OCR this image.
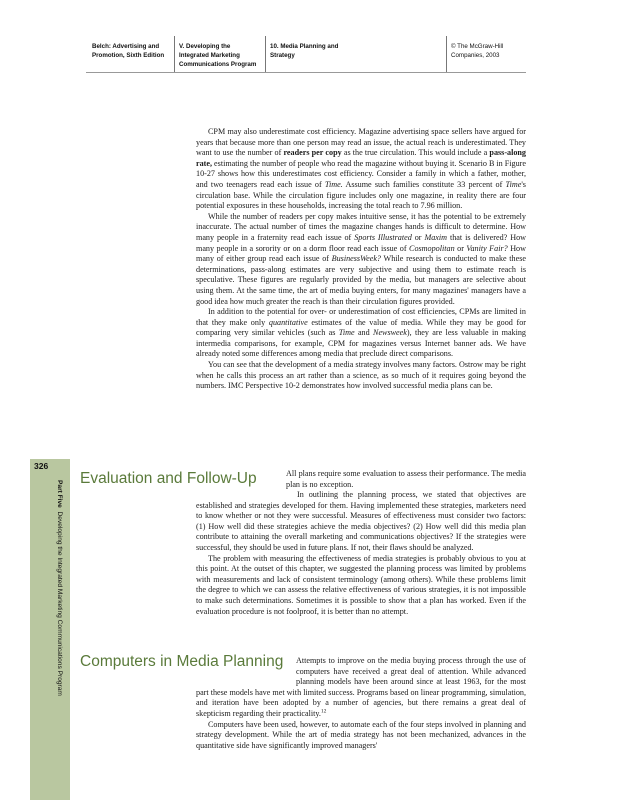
Belch: Advertising and
Promotion, Sixth Edition
V. Developing the
Integrated Marketing
Communications Program
10. Media Planning and
Strategy
© The McGraw-Hill
Companies, 2003
326
Part Five  Developing the Integrated Marketing Communications Program

CPM may also underestimate cost efficiency. Magazine advertising space sellers have argued for years that because more than one person may read an issue, the actual reach is underestimated. They want to use the number of readers per copy as the true circulation. This would include a pass-along rate, estimating the number of people who read the magazine without buying it. Scenario B in Figure 10-27 shows how this underestimates cost efficiency. Consider a family in which a father, mother, and two teenagers read each issue of Time. Assume such families constitute 33 percent of Time's circulation base. While the circulation figure includes only one magazine, in reality there are four potential exposures in these households, increasing the total reach to 7.96 million.

While the number of readers per copy makes intuitive sense, it has the potential to be extremely inaccurate. The actual number of times the magazine changes hands is difficult to determine. How many people in a fraternity read each issue of Sports Illustrated or Maxim that is delivered? How many people in a sorority or on a dorm floor read each issue of Cosmopolitan or Vanity Fair? How many of either group read each issue of BusinessWeek? While research is conducted to make these determinations, pass-along estimates are very subjective and using them to estimate reach is speculative. These figures are regularly provided by the media, but managers are selective about using them. At the same time, the art of media buying enters, for many magazines' managers have a good idea how much greater the reach is than their circulation figures provided.

In addition to the potential for over- or underestimation of cost efficiencies, CPMs are limited in that they make only quantitative estimates of the value of media. While they may be good for comparing very similar vehicles (such as Time and Newsweek), they are less valuable in making intermedia comparisons, for example, CPM for magazines versus Internet banner ads. We have already noted some differences among media that preclude direct comparisons.

You can see that the development of a media strategy involves many factors. Ostrow may be right when he calls this process an art rather than a science, as so much of it requires going beyond the numbers. IMC Perspective 10-2 demonstrates how involved successful media plans can be.

Evaluation and Follow-Up	All plans require some evaluation to assess their performance. The media plan is no exception.

In outlining the planning process, we stated that objectives are established and strategies developed for them. Having implemented these strategies, marketers need to know whether or not they were successful. Measures of effectiveness must consider two factors: (1) How well did these strategies achieve the media objectives? (2) How well did this media plan contribute to attaining the overall marketing and communications objectives? If the strategies were successful, they should be used in future plans. If not, their flaws should be analyzed.

The problem with measuring the effectiveness of media strategies is probably obvious to you at this point. At the outset of this chapter, we suggested the planning process was limited by problems with measurements and lack of consistent terminology (among others). While these problems limit the degree to which we can assess the relative effectiveness of various strategies, it is not impossible to make such determinations. Sometimes it is possible to show that a plan has worked. Even if the evaluation procedure is not foolproof, it is better than no attempt.

Computers in Media Planning	Attempts to improve on the media buying process through the use of computers have received a great deal of attention. While advanced planning models have been around since at least 1963, for the most part these models have met with limited success. Programs based on linear programming, simulation, and iteration have been adopted by a number of agencies, but there remains a great deal of skepticism regarding their practicality.$^{12}$

Computers have been used, however, to automate each of the four steps involved in planning and strategy development. While the art of media strategy has not been mechanized, advances in the quantitative side have significantly improved managers'
